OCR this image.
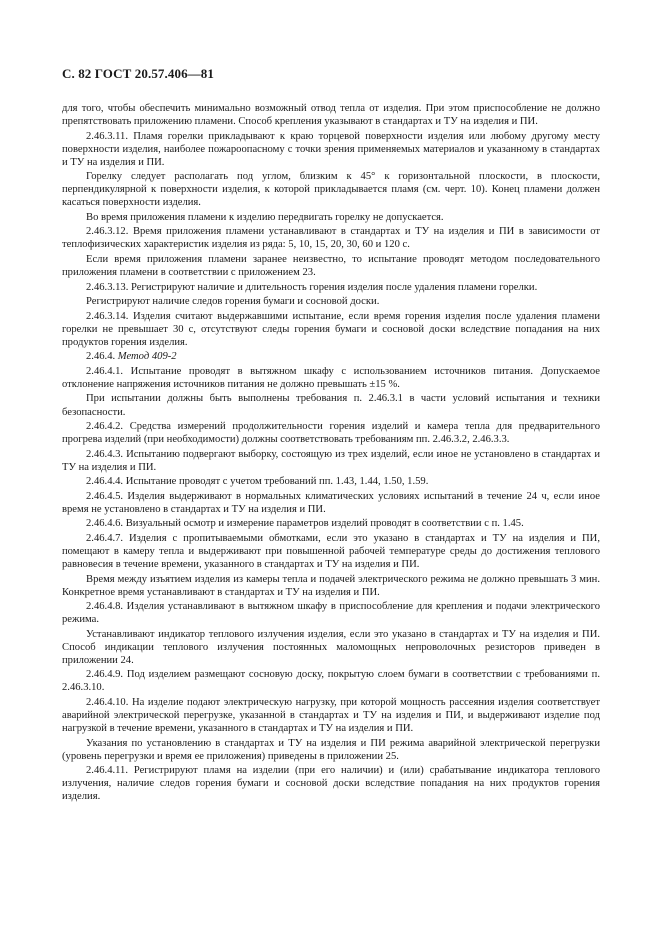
С. 82 ГОСТ 20.57.406—81

для того, чтобы обеспечить минимально возможный отвод тепла от изделия. При этом приспособление не должно препятствовать приложению пламени. Способ крепления указывают в стандартах и ТУ на изделия и ПИ.

2.46.3.11. Пламя горелки прикладывают к краю торцевой поверхности изделия или любому другому месту поверхности изделия, наиболее пожароопасному с точки зрения применяемых материалов и указанному в стандартах и ТУ на изделия и ПИ.

Горелку следует располагать под углом, близким к 45° к горизонтальной плоскости, в плоскости, перпендикулярной к поверхности изделия, к которой прикладывается пламя (см. черт. 10). Конец пламени должен касаться поверхности изделия.

Во время приложения пламени к изделию передвигать горелку не допускается.

2.46.3.12. Время приложения пламени устанавливают в стандартах и ТУ на изделия и ПИ в зависимости от теплофизических характеристик изделия из ряда: 5, 10, 15, 20, 30, 60 и 120 с.

Если время приложения пламени заранее неизвестно, то испытание проводят методом последовательного приложения пламени в соответствии с приложением 23.

2.46.3.13. Регистрируют наличие и длительность горения изделия после удаления пламени горелки.

Регистрируют наличие следов горения бумаги и сосновой доски.

2.46.3.14. Изделия считают выдержавшими испытание, если время горения изделия после удаления пламени горелки не превышает 30 с, отсутствуют следы горения бумаги и сосновой доски вследствие попадания на них продуктов горения изделия.

2.46.4. Метод 409-2

2.46.4.1. Испытание проводят в вытяжном шкафу с использованием источников питания. Допускаемое отклонение напряжения источников питания не должно превышать ±15 %.

При испытании должны быть выполнены требования п. 2.46.3.1 в части условий испытания и техники безопасности.

2.46.4.2. Средства измерений продолжительности горения изделий и камера тепла для предварительного прогрева изделий (при необходимости) должны соответствовать требованиям пп. 2.46.3.2, 2.46.3.3.

2.46.4.3. Испытанию подвергают выборку, состоящую из трех изделий, если иное не установлено в стандартах и ТУ на изделия и ПИ.

2.46.4.4. Испытание проводят с учетом требований пп. 1.43, 1.44, 1.50, 1.59.

2.46.4.5. Изделия выдерживают в нормальных климатических условиях испытаний в течение 24 ч, если иное время не установлено в стандартах и ТУ на изделия и ПИ.

2.46.4.6. Визуальный осмотр и измерение параметров изделий проводят в соответствии с п. 1.45.

2.46.4.7. Изделия с пропитываемыми обмотками, если это указано в стандартах и ТУ на изделия и ПИ, помещают в камеру тепла и выдерживают при повышенной рабочей температуре среды до достижения теплового равновесия в течение времени, указанного в стандартах и ТУ на изделия и ПИ.

Время между изъятием изделия из камеры тепла и подачей электрического режима не должно превышать 3 мин. Конкретное время устанавливают в стандартах и ТУ на изделия и ПИ.

2.46.4.8. Изделия устанавливают в вытяжном шкафу в приспособление для крепления и подачи электрического режима.

Устанавливают индикатор теплового излучения изделия, если это указано в стандартах и ТУ на изделия и ПИ. Способ индикации теплового излучения постоянных маломощных непроволочных резисторов приведен в приложении 24.

2.46.4.9. Под изделием размещают сосновую доску, покрытую слоем бумаги в соответствии с требованиями п. 2.46.3.10.

2.46.4.10. На изделие подают электрическую нагрузку, при которой мощность рассеяния изделия соответствует аварийной электрической перегрузке, указанной в стандартах и ТУ на изделия и ПИ, и выдерживают изделие под нагрузкой в течение времени, указанного в стандартах и ТУ на изделия и ПИ.

Указания по установлению в стандартах и ТУ на изделия и ПИ режима аварийной электрической перегрузки (уровень перегрузки и время ее приложения) приведены в приложении 25.

2.46.4.11. Регистрируют пламя на изделии (при его наличии) и (или) срабатывание индикатора теплового излучения, наличие следов горения бумаги и сосновой доски вследствие попадания на них продуктов горения изделия.
